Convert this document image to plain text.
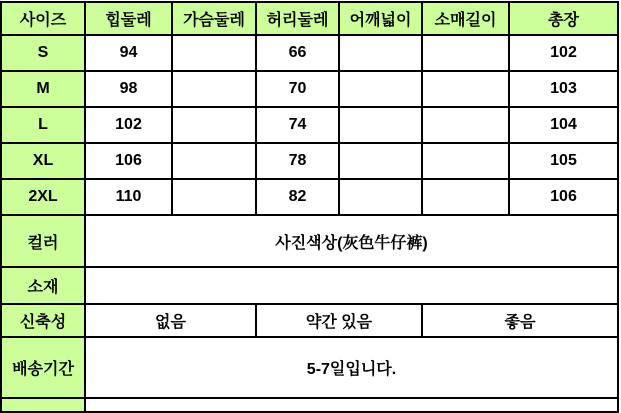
사이즈	힙둘레	가슴둘레	허리둘레	어깨넓이	소매길이	총장
S	94		66			102
M	98		70			103
L	102		74			104
XL	106		78			105
2XL	110		82			106
컬러	사진색상(灰色牛仔裤)					
소재						
신축성	없음		약간 있음		좋음	
배송기간	5-7일입니다.					
